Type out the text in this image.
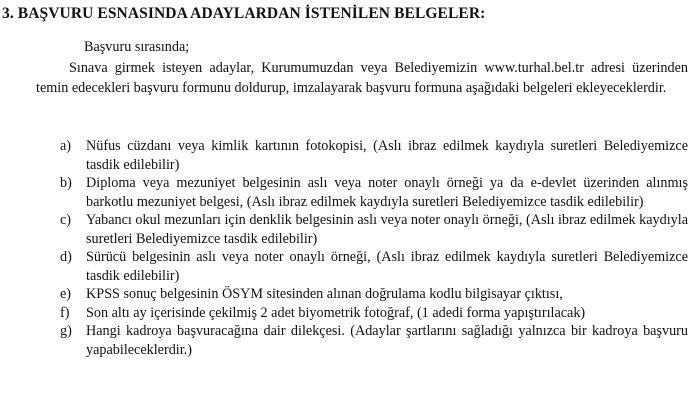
3. BAŞVURU ESNASINDA ADAYLARDAN İSTENİLEN BELGELER:
Başvuru sırasında;
Sınava girmek isteyen adaylar, Kurumumuzdan veya Belediyemizin www.turhal.bel.tr adresi üzerinden temin edecekleri başvuru formunu doldurup, imzalayarak başvuru formuna aşağıdaki belgeleri ekleyeceklerdir.
a) Nüfus cüzdanı veya kimlik kartının fotokopisi, (Aslı ibraz edilmek kaydıyla suretleri Belediyemizce tasdik edilebilir)
b) Diploma veya mezuniyet belgesinin aslı veya noter onaylı örneği ya da e-devlet üzerinden alınmış barkotlu mezuniyet belgesi, (Aslı ibraz edilmek kaydıyla suretleri Belediyemizce tasdik edilebilir)
c) Yabancı okul mezunları için denklik belgesinin aslı veya noter onaylı örneği, (Aslı ibraz edilmek kaydıyla suretleri Belediyemizce tasdik edilebilir)
d) Sürücü belgesinin aslı veya noter onaylı örneği, (Aslı ibraz edilmek kaydıyla suretleri Belediyemizce tasdik edilebilir)
e) KPSS sonuç belgesinin ÖSYM sitesinden alınan doğrulama kodlu bilgisayar çıktısı,
f) Son altı ay içerisinde çekilmiş 2 adet biyometrik fotoğraf, (1 adedi forma yapıştırılacak)
g) Hangi kadroya başvuracağına dair dilekçesi. (Adaylar şartlarını sağladığı yalnızca bir kadroya başvuru yapabileceklerdir.)
